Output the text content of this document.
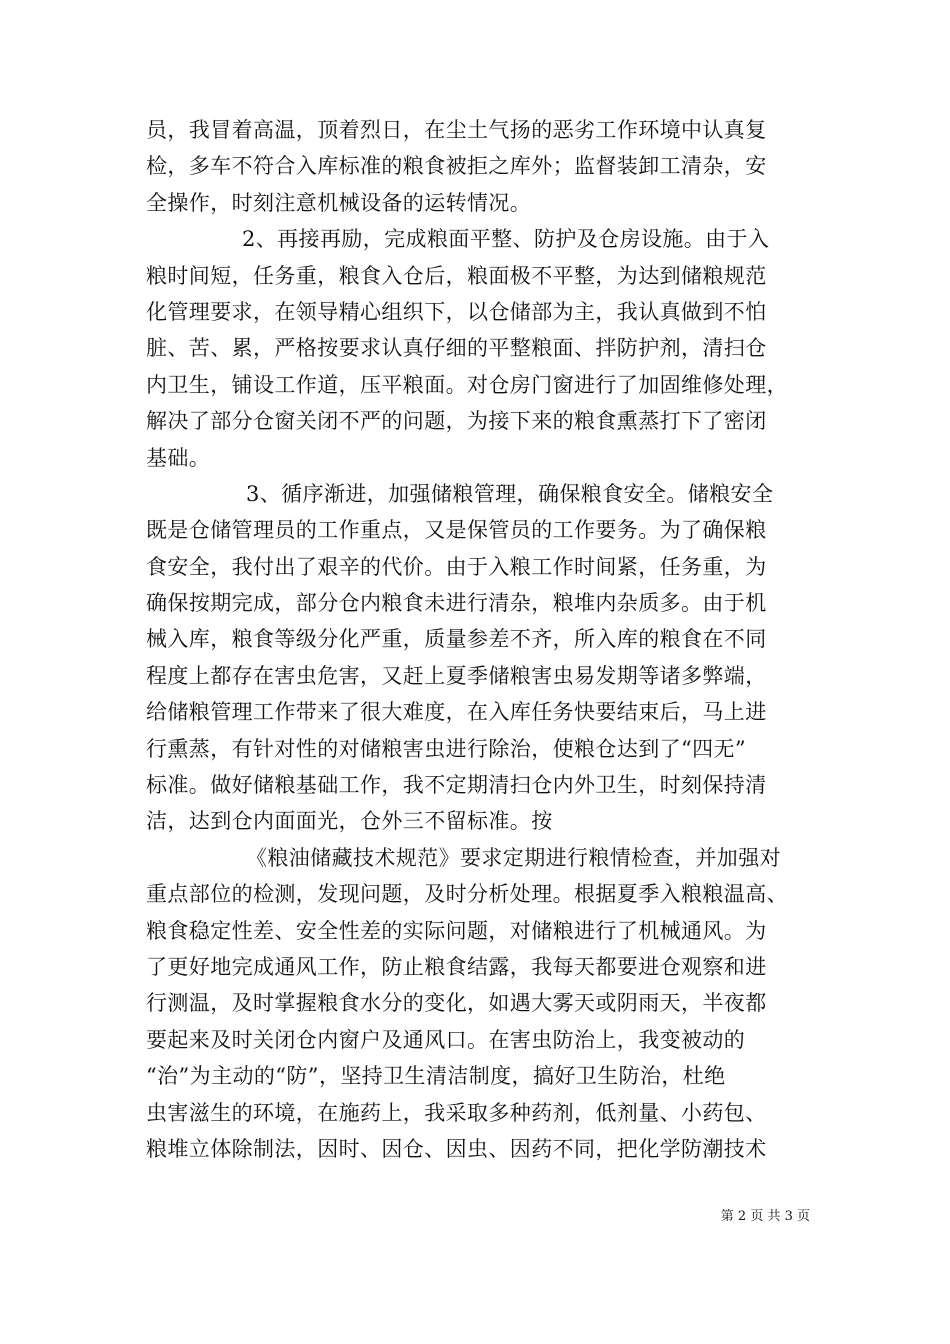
员，我冒着高温，顶着烈日，在尘土气扬的恶劣工作环境中认真复
检，多车不符合入库标准的粮食被拒之库外；监督装卸工清杂，安
全操作，时刻注意机械设备的运转情况。
2、再接再励，完成粮面平整、防护及仓房设施。由于入
粮时间短，任务重，粮食入仓后，粮面极不平整，为达到储粮规范
化管理要求，在领导精心组织下，以仓储部为主，我认真做到不怕
脏、苦、累，严格按要求认真仔细的平整粮面、拌防护剂，清扫仓
内卫生，铺设工作道，压平粮面。对仓房门窗进行了加固维修处理，
解决了部分仓窗关闭不严的问题，为接下来的粮食熏蒸打下了密闭
基础。
3、循序渐进，加强储粮管理，确保粮食安全。储粮安全
既是仓储管理员的工作重点，又是保管员的工作要务。为了确保粮
食安全，我付出了艰辛的代价。由于入粮工作时间紧，任务重，为
确保按期完成，部分仓内粮食未进行清杂，粮堆内杂质多。由于机
械入库，粮食等级分化严重，质量参差不齐，所入库的粮食在不同
程度上都存在害虫危害，又赶上夏季储粮害虫易发期等诸多弊端，
给储粮管理工作带来了很大难度，在入库任务快要结束后，马上进
行熏蒸，有针对性的对储粮害虫进行除治，使粮仓达到了“四无”
标准。做好储粮基础工作，我不定期清扫仓内外卫生，时刻保持清
洁，达到仓内面面光，仓外三不留标准。按
《粮油储藏技术规范》要求定期进行粮情检查，并加强对
重点部位的检测，发现问题，及时分析处理。根据夏季入粮粮温高、
粮食稳定性差、安全性差的实际问题，对储粮进行了机械通风。为
了更好地完成通风工作，防止粮食结露，我每天都要进仓观察和进
行测温，及时掌握粮食水分的变化，如遇大雾天或阴雨天，半夜都
要起来及时关闭仓内窗户及通风口。在害虫防治上，我变被动的
“治”为主动的“防”，坚持卫生清洁制度，搞好卫生防治，杜绝
虫害滋生的环境，在施药上，我采取多种药剂，低剂量、小药包、
粮堆立体除制法，因时、因仓、因虫、因药不同，把化学防潮技术
第 2 页 共 3 页
